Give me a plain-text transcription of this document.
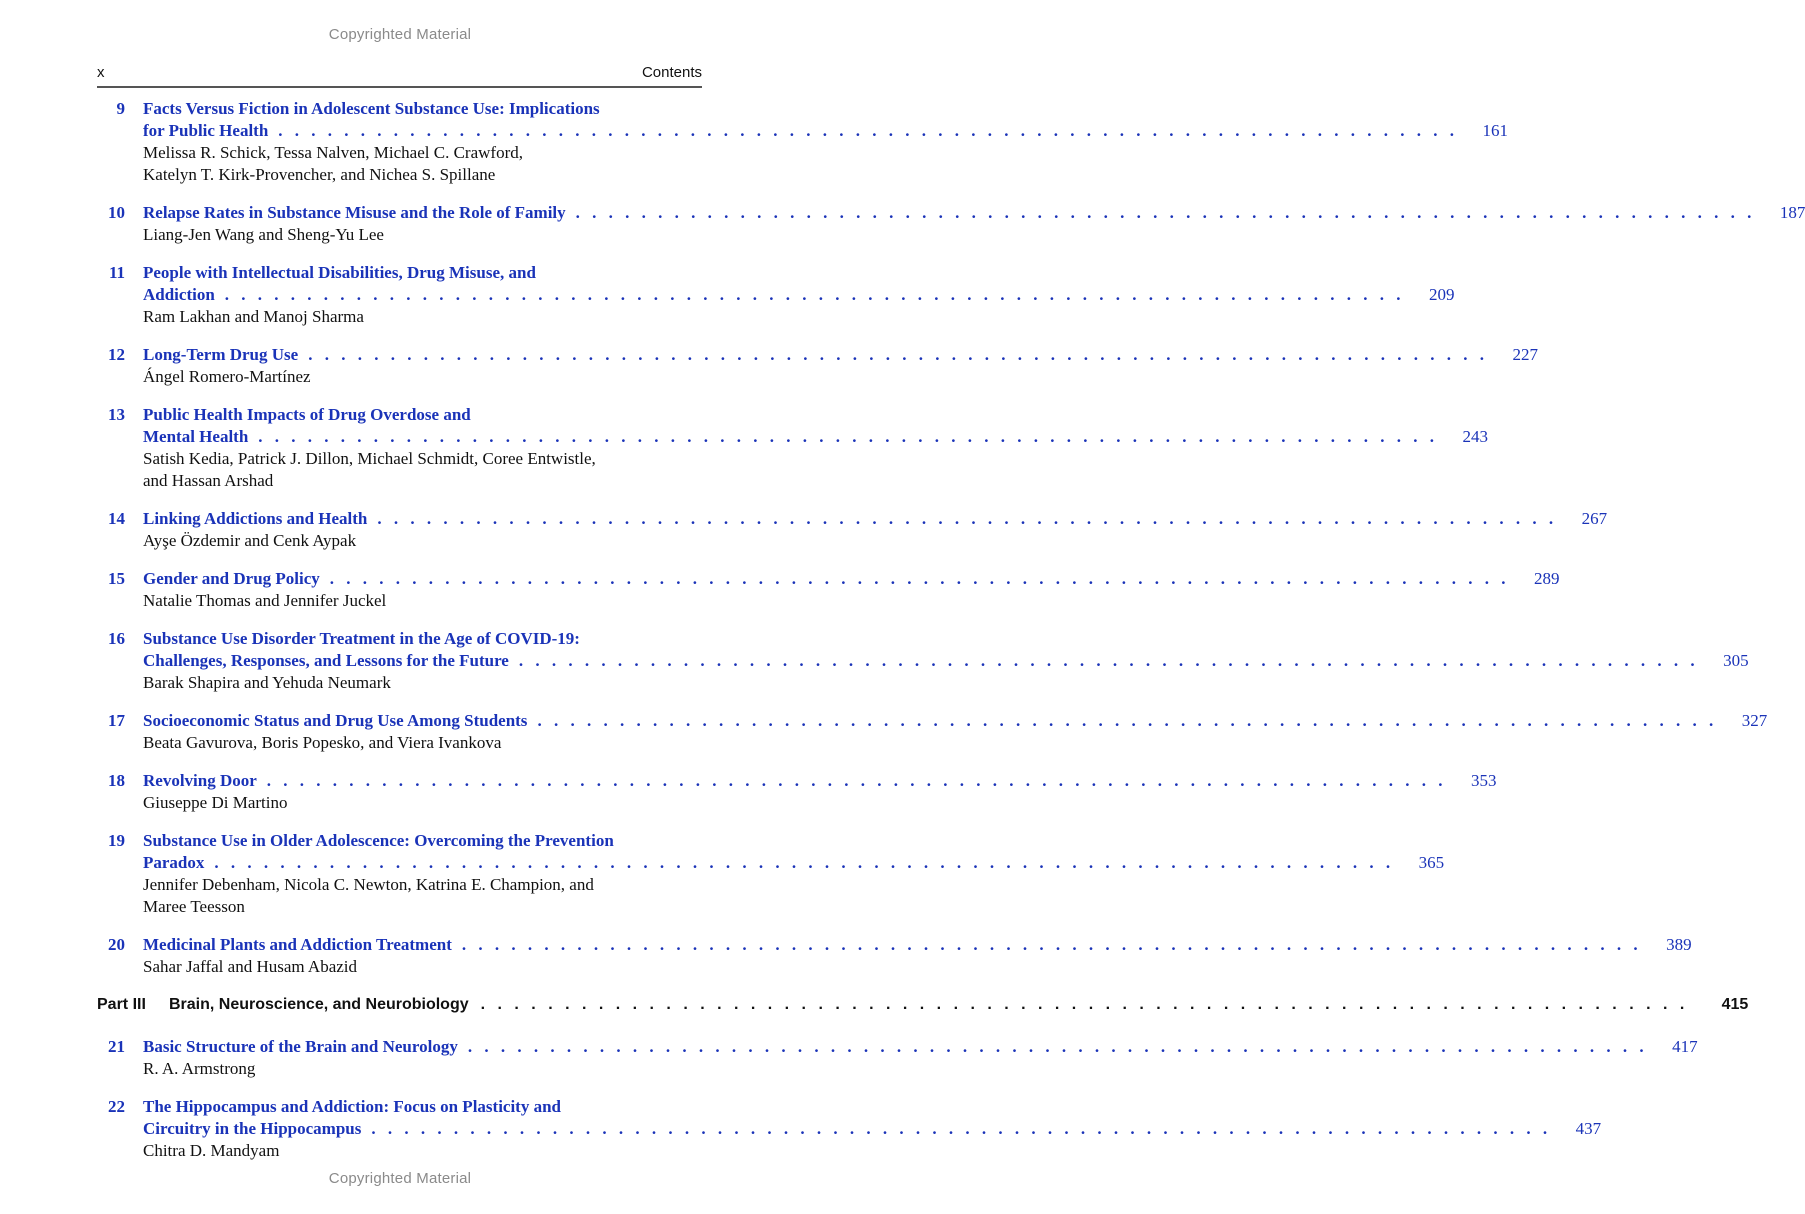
Copyrighted Material
x	Contents
9 Facts Versus Fiction in Adolescent Substance Use: Implications
for Public Health . . . . . . . . . . . . . . . . . . . . . . . . . . . . . . . . . . . . . . . . . . . . . . . . . . . . . . . . . . . . . . . . . . . . . . . .	161
Melissa R. Schick, Tessa Nalven, Michael C. Crawford,
Katelyn T. Kirk-Provencher, and Nichea S. Spillane
10 Relapse Rates in Substance Misuse and the Role of Family . . . . . . . . . . . . . . . . . . . . . . . . . . . . . . . . . . . . . . . . . . . . . . . . . . . . . . . . . . . . . . . . . . . . . . . .	187
Liang-Jen Wang and Sheng-Yu Lee
11 People with Intellectual Disabilities, Drug Misuse, and
Addiction . . . . . . . . . . . . . . . . . . . . . . . . . . . . . . . . . . . . . . . . . . . . . . . . . . . . . . . . . . . . . . . . . . . . . . . .	209
Ram Lakhan and Manoj Sharma
12 Long-Term Drug Use . . . . . . . . . . . . . . . . . . . . . . . . . . . . . . . . . . . . . . . . . . . . . . . . . . . . . . . . . . . . . . . . . . . . . . . .	227
Ángel Romero-Martínez
13 Public Health Impacts of Drug Overdose and
Mental Health . . . . . . . . . . . . . . . . . . . . . . . . . . . . . . . . . . . . . . . . . . . . . . . . . . . . . . . . . . . . . . . . . . . . . . . .	243
Satish Kedia, Patrick J. Dillon, Michael Schmidt, Coree Entwistle,
and Hassan Arshad
14 Linking Addictions and Health . . . . . . . . . . . . . . . . . . . . . . . . . . . . . . . . . . . . . . . . . . . . . . . . . . . . . . . . . . . . . . . . . . . . . . . .	267
Ayşe Özdemir and Cenk Aypak
15 Gender and Drug Policy . . . . . . . . . . . . . . . . . . . . . . . . . . . . . . . . . . . . . . . . . . . . . . . . . . . . . . . . . . . . . . . . . . . . . . . .	289
Natalie Thomas and Jennifer Juckel
16 Substance Use Disorder Treatment in the Age of COVID-19:
Challenges, Responses, and Lessons for the Future . . . . . . . . . . . . . . . . . . . . . . . . . . . . . . . . . . . . . . . . . . . . . . . . . . . . . . . . . . . . . . . . . . . . . . . .	305
Barak Shapira and Yehuda Neumark
17 Socioeconomic Status and Drug Use Among Students . . . . . . . . . . . . . . . . . . . . . . . . . . . . . . . . . . . . . . . . . . . . . . . . . . . . . . . . . . . . . . . . . . . . . . . .	327
Beata Gavurova, Boris Popesko, and Viera Ivankova
18 Revolving Door . . . . . . . . . . . . . . . . . . . . . . . . . . . . . . . . . . . . . . . . . . . . . . . . . . . . . . . . . . . . . . . . . . . . . . . .	353
Giuseppe Di Martino
19 Substance Use in Older Adolescence: Overcoming the Prevention
Paradox . . . . . . . . . . . . . . . . . . . . . . . . . . . . . . . . . . . . . . . . . . . . . . . . . . . . . . . . . . . . . . . . . . . . . . . .	365
Jennifer Debenham, Nicola C. Newton, Katrina E. Champion, and
Maree Teesson
20 Medicinal Plants and Addiction Treatment . . . . . . . . . . . . . . . . . . . . . . . . . . . . . . . . . . . . . . . . . . . . . . . . . . . . . . . . . . . . . . . . . . . . . . . .	389
Sahar Jaffal and Husam Abazid
Part III	Brain, Neuroscience, and Neurobiology . . . . . . . . . . . . . . . . . . . . . . . . . . . . . . . . . . . . . . . . . . . . . . . . . . . . . . . . . . . . . . . . . . . . . . . .	415
21 Basic Structure of the Brain and Neurology . . . . . . . . . . . . . . . . . . . . . . . . . . . . . . . . . . . . . . . . . . . . . . . . . . . . . . . . . . . . . . . . . . . . . . . .	417
R. A. Armstrong
22 The Hippocampus and Addiction: Focus on Plasticity and
Circuitry in the Hippocampus . . . . . . . . . . . . . . . . . . . . . . . . . . . . . . . . . . . . . . . . . . . . . . . . . . . . . . . . . . . . . . . . . . . . . . . .	437
Chitra D. Mandyam
Copyrighted Material
